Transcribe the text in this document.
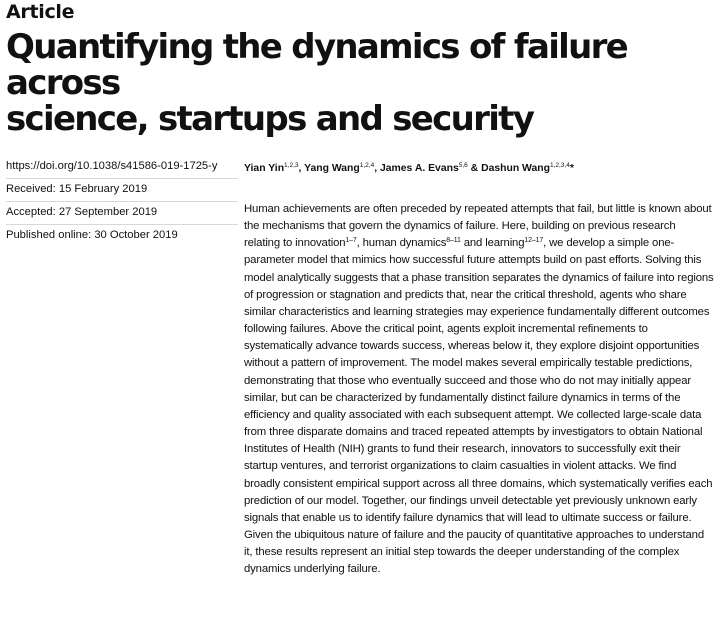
Article
Quantifying the dynamics of failure across
science, startups and security

https://doi.org/10.1038/s41586-019-1725-y

Received: 15 February 2019

Accepted: 27 September 2019

Published online: 30 October 2019

Yian Yin$^{1,2,3}$, Yang Wang$^{1,2,4}$, James A. Evans$^{5,6}$ & Dashun Wang$^{1,2,3,4}$*

Human achievements are often preceded by repeated attempts that fail, but little is known about the mechanisms that govern the dynamics of failure. Here, building on previous research relating to innovation$^{1-7}$, human dynamics$^{8-11}$ and learning$^{12-17}$, we develop a simple one-parameter model that mimics how successful future attempts build on past efforts. Solving this model analytically suggests that a phase transition separates the dynamics of failure into regions of progression or stagnation and predicts that, near the critical threshold, agents who share similar characteristics and learning strategies may experience fundamentally different outcomes following failures. Above the critical point, agents exploit incremental refinements to systematically advance towards success, whereas below it, they explore disjoint opportunities without a pattern of improvement. The model makes several empirically testable predictions, demonstrating that those who eventually succeed and those who do not may initially appear similar, but can be characterized by fundamentally distinct failure dynamics in terms of the efficiency and quality associated with each subsequent attempt. We collected large-scale data from three disparate domains and traced repeated attempts by investigators to obtain National Institutes of Health (NIH) grants to fund their research, innovators to successfully exit their startup ventures, and terrorist organizations to claim casualties in violent attacks. We find broadly consistent empirical support across all three domains, which systematically verifies each prediction of our model. Together, our findings unveil detectable yet previously unknown early signals that enable us to identify failure dynamics that will lead to ultimate success or failure. Given the ubiquitous nature of failure and the paucity of quantitative approaches to understand it, these results represent an initial step towards the deeper understanding of the complex dynamics underlying failure.
